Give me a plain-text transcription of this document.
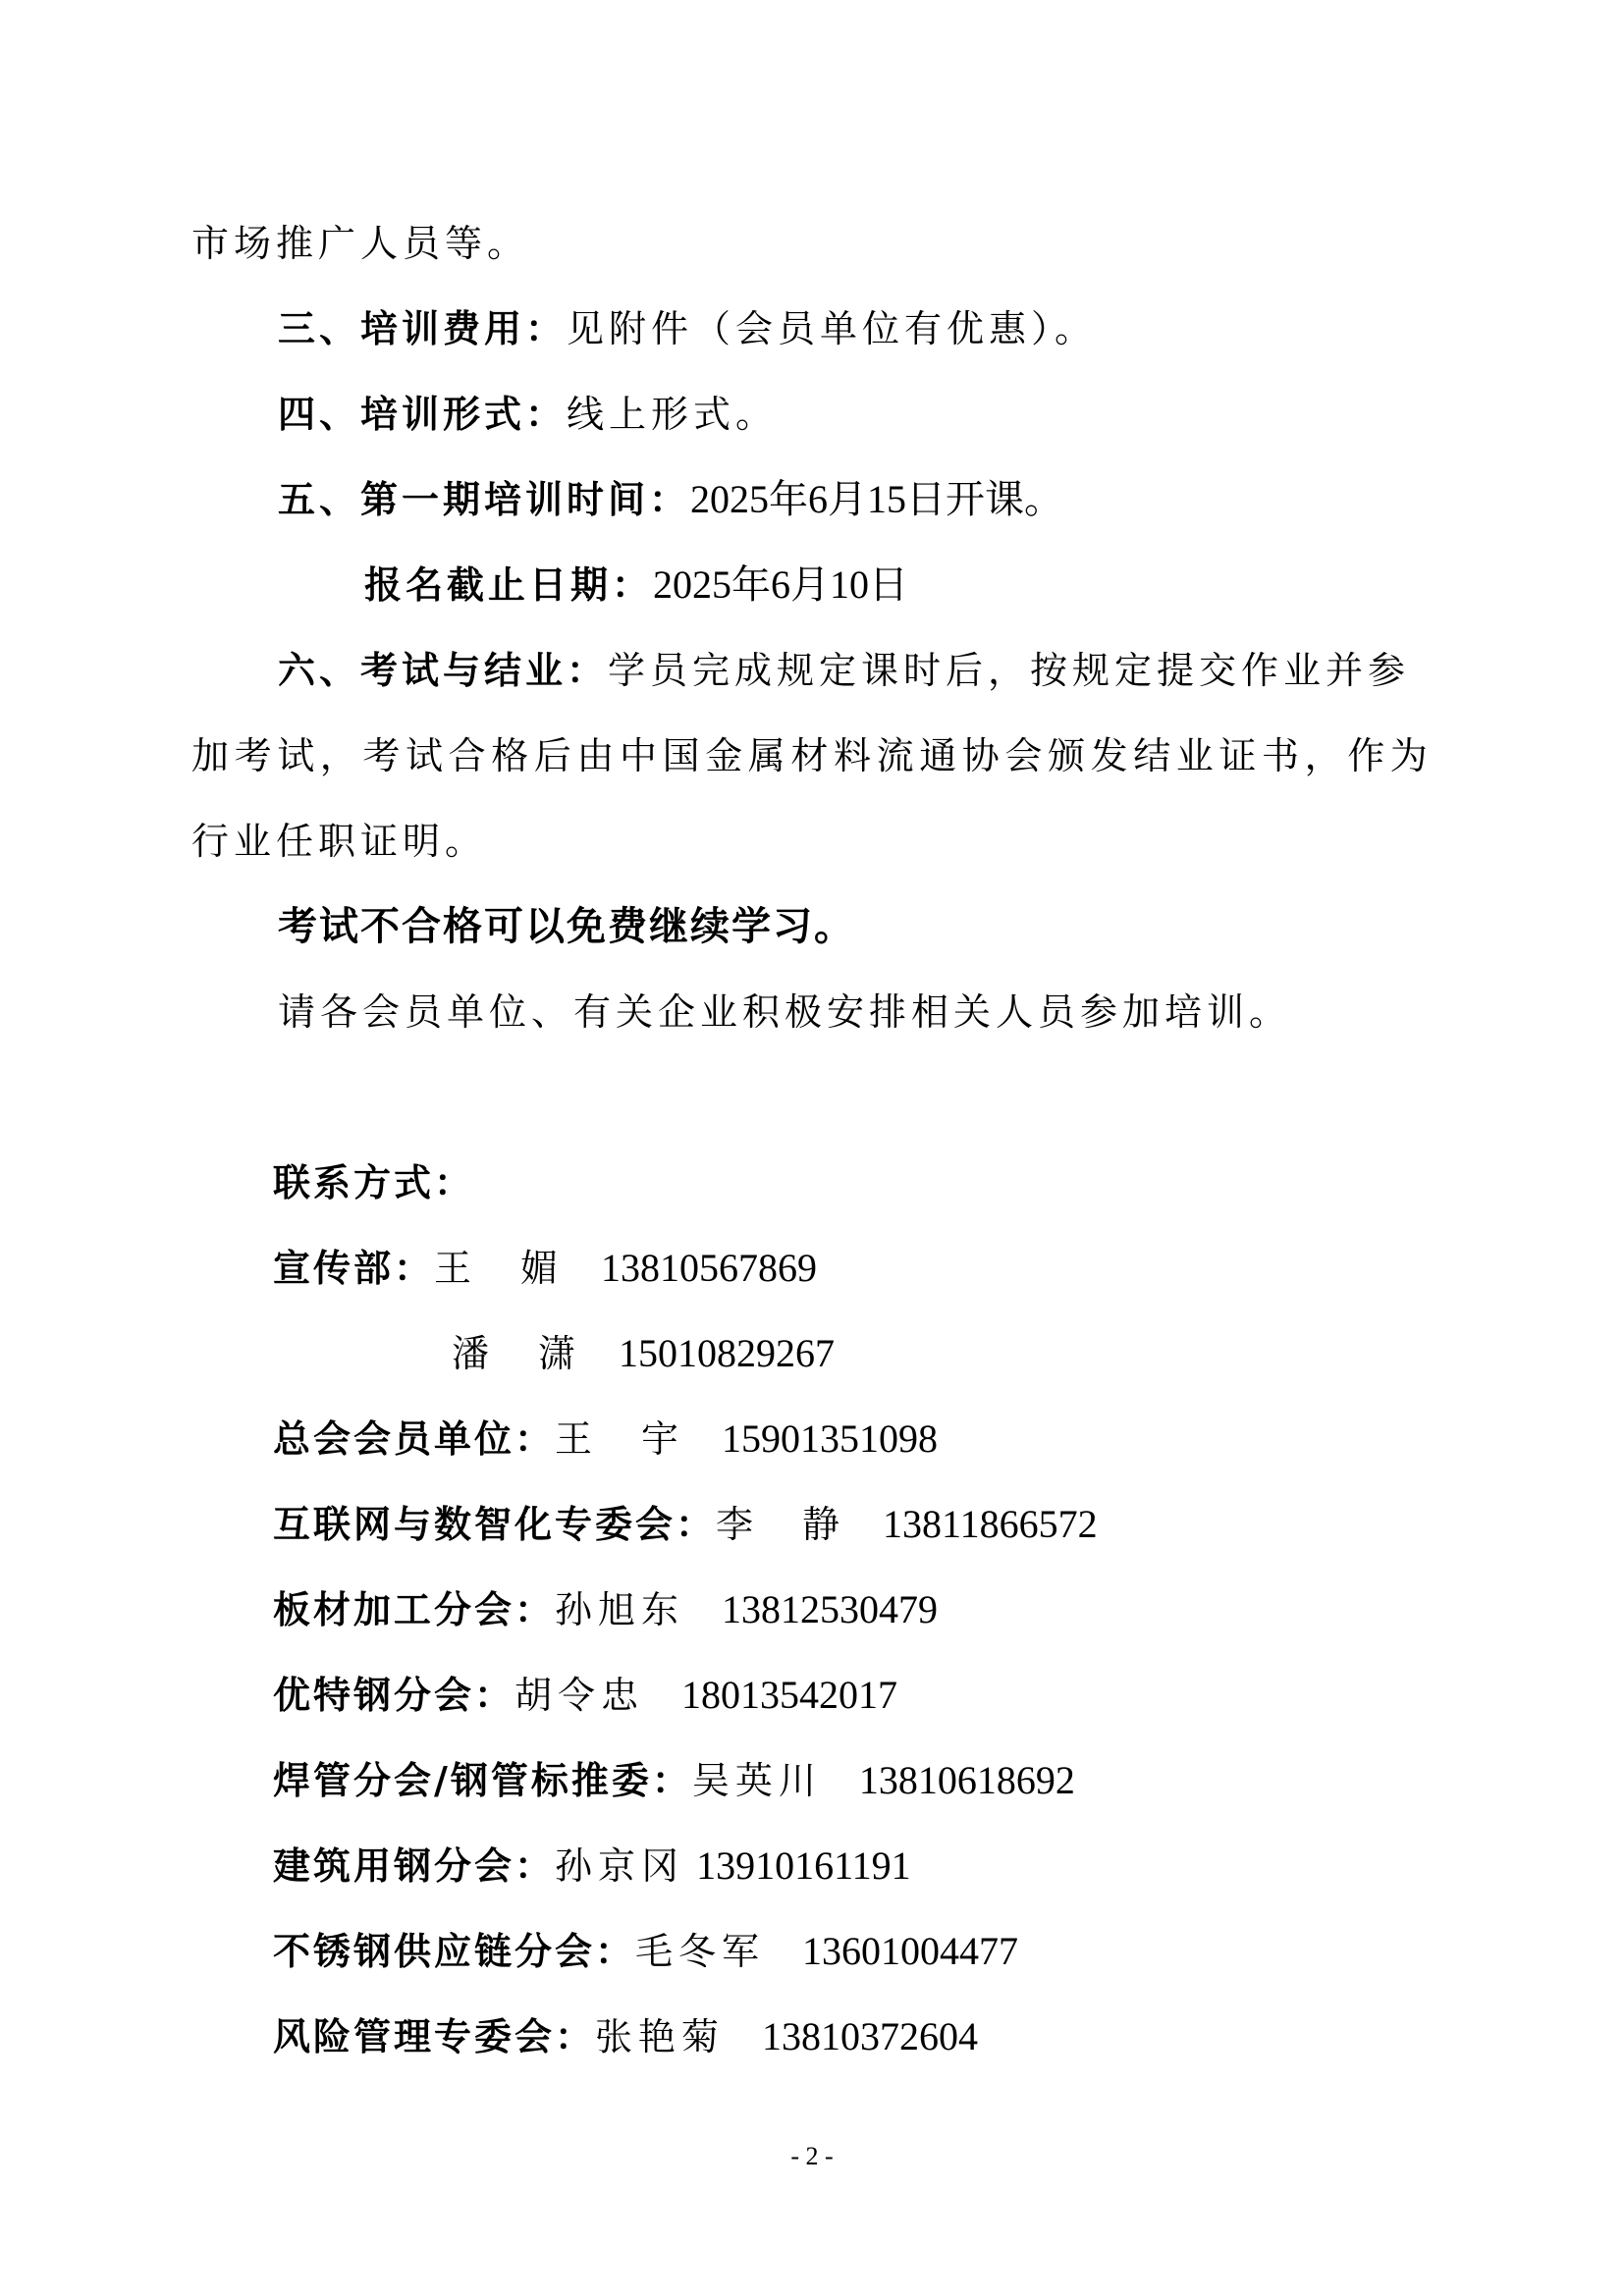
市场推广人员等。
三、培训费用：见附件（会员单位有优惠）。
四、培训形式：线上形式。
五、第一期培训时间：2025年6月15日开课。
报名截止日期：2025年6月10日
六、考试与结业：学员完成规定课时后，按规定提交作业并参
加考试，考试合格后由中国金属材料流通协会颁发结业证书，作为
行业任职证明。
考试不合格可以免费继续学习。
请各会员单位、有关企业积极安排相关人员参加培训。
联系方式：
宣传部：王　媚　 13810567869
潘　潇　 15010829267
总会会员单位：王　宇　 15901351098
互联网与数智化专委会：李　静　 13811866572
板材加工分会：孙旭东　 13812530479
优特钢分会：胡令忠　 18013542017
焊管分会/钢管标推委：吴英川　 13810618692
建筑用钢分会：孙京冈 13910161191
不锈钢供应链分会：毛冬军　 13601004477
风险管理专委会：张艳菊　 13810372604
- 2 -
